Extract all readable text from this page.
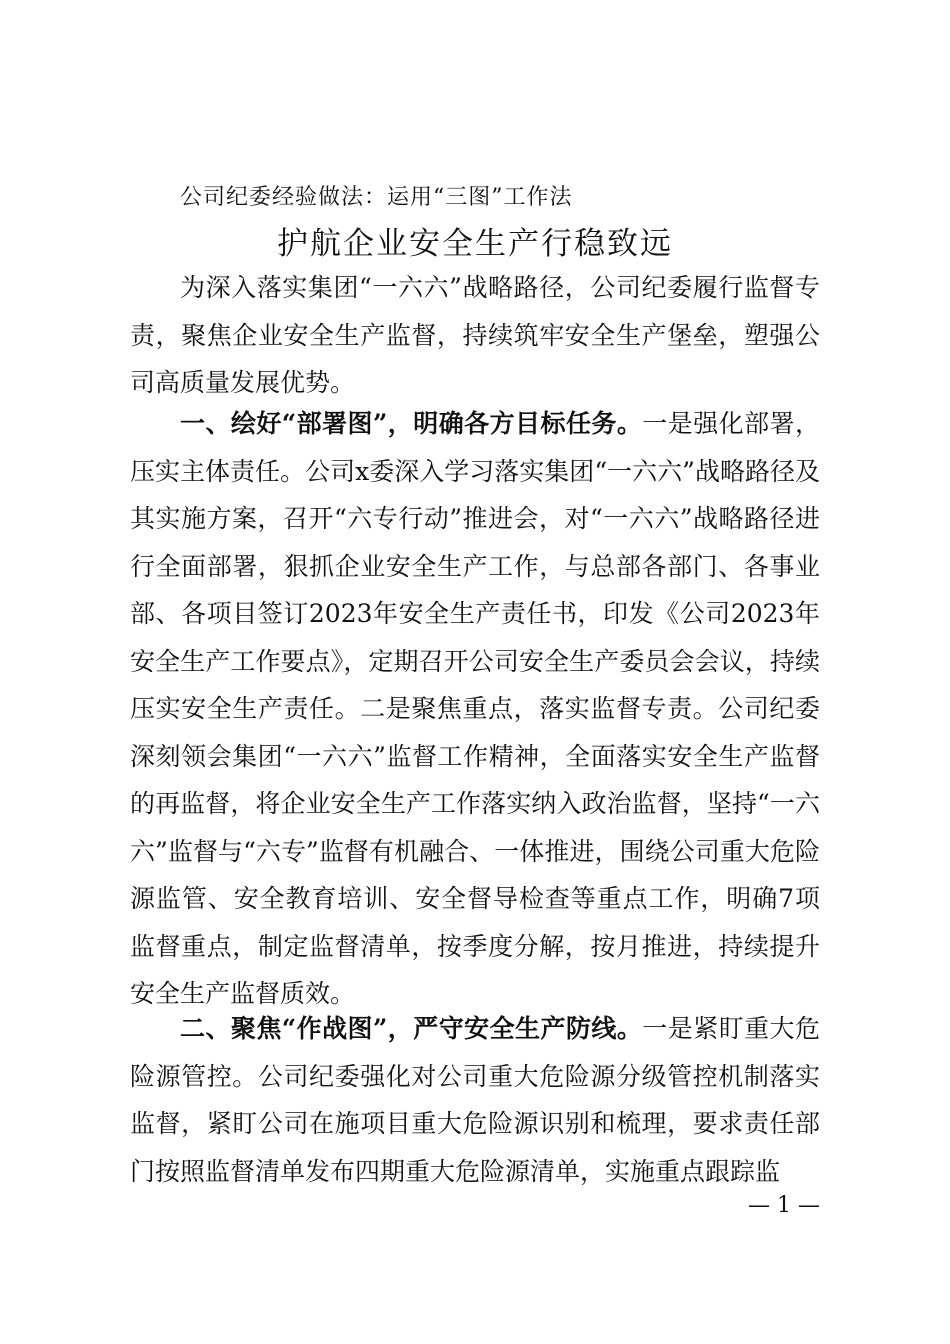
公司纪委经验做法：运用“三图”工作法
护航企业安全生产行稳致远

为深入落实集团“一六六”战略路径，公司纪委履行监督专责，聚焦企业安全生产监督，持续筑牢安全生产堡垒，塑强公司高质量发展优势。

一、绘好“部署图”，明确各方目标任务。一是强化部署，压实主体责任。公司x委深入学习落实集团“一六六”战略路径及其实施方案，召开“六专行动”推进会，对“一六六”战略路径进行全面部署，狠抓企业安全生产工作，与总部各部门、各事业部、各项目签订2023年安全生产责任书，印发《公司2023年安全生产工作要点》，定期召开公司安全生产委员会会议，持续压实安全生产责任。二是聚焦重点，落实监督专责。公司纪委深刻领会集团“一六六”监督工作精神，全面落实安全生产监督的再监督，将企业安全生产工作落实纳入政治监督，坚持“一六六”监督与“六专”监督有机融合、一体推进，围绕公司重大危险源监管、安全教育培训、安全督导检查等重点工作，明确7项监督重点，制定监督清单，按季度分解，按月推进，持续提升安全生产监督质效。

二、聚焦“作战图”，严守安全生产防线。一是紧盯重大危险源管控。公司纪委强化对公司重大危险源分级管控机制落实监督，紧盯公司在施项目重大危险源识别和梳理，要求责任部门按照监督清单发布四期重大危险源清单，实施重点跟踪监

— 1 —
